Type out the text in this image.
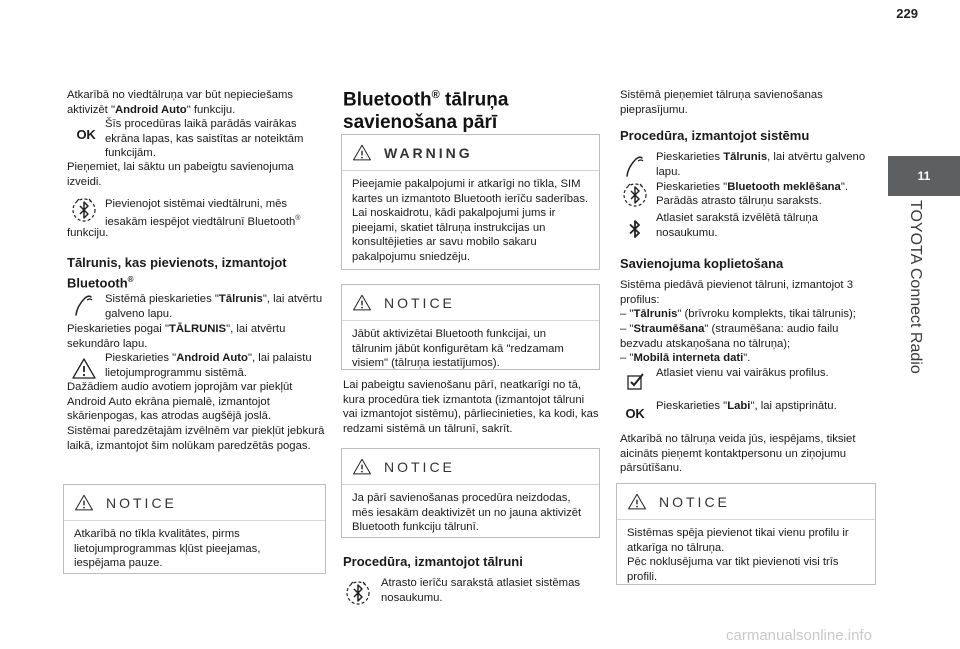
229
11
TOYOTA Connect Radio

Atkarībā no viedtālruņa var būt nepieciešams aktivizēt "Android Auto" funkciju.

OK

Šīs procedūras laikā parādās vairākas ekrāna lapas, kas saistītas ar noteiktām funkcijām.

Pieņemiet, lai sāktu un pabeigtu savienojuma izveidi.

Pievienojot sistēmai viedtālruni, mēs iesakām iespējot viedtālrunī Bluetooth®

funkciju.

Tālrunis, kas pievienots, izmantojot Bluetooth®

Sistēmā pieskarieties "Tālrunis", lai atvērtu galveno lapu.

Pieskarieties pogai "TĀLRUNIS", lai atvērtu sekundāro lapu.

Pieskarieties "Android Auto", lai palaistu lietojumprogrammu sistēmā.

Dažādiem audio avotiem joprojām var piekļūt Android Auto ekrāna piemalē, izmantojot skārienpogas, kas atrodas augšējā joslā.

Sistēmai paredzētajām izvēlnēm var piekļūt jebkurā laikā, izmantojot šim nolūkam paredzētās pogas.

NOTICE
Atkarībā no tīkla kvalitātes, pirms lietojumprogrammas kļūst pieejamas, iespējama pauze.
Bluetooth® tālruņa savienošana pārī
WARNING
Pieejamie pakalpojumi ir atkarīgi no tīkla, SIM kartes un izmantoto Bluetooth ierīču saderības. Lai noskaidrotu, kādi pakalpojumi jums ir pieejami, skatiet tālruņa instrukcijas un konsultējieties ar savu mobilo sakaru pakalpojumu sniedzēju.
NOTICE
Jābūt aktivizētai Bluetooth funkcijai, un tālrunim jābūt konfigurētam kā "redzamam visiem" (tālruņa iestatījumos).

Lai pabeigtu savienošanu pārī, neatkarīgi no tā, kura procedūra tiek izmantota (izmantojot tālruni vai izmantojot sistēmu), pārliecinieties, ka kodi, kas redzami sistēmā un tālrunī, sakrīt.

NOTICE
Ja pārī savienošanas procedūra neizdodas, mēs iesakām deaktivizēt un no jauna aktivizēt Bluetooth funkciju tālrunī.
Procedūra, izmantojot tālruni

Atrasto ierīču sarakstā atlasiet sistēmas nosaukumu.

Sistēmā pieņemiet tālruņa savienošanas pieprasījumu.

Procedūra, izmantojot sistēmu

Pieskarieties Tālrunis, lai atvērtu galveno lapu.

Pieskarieties "Bluetooth meklēšana".

Parādās atrasto tālruņu saraksts.

Atlasiet sarakstā izvēlētā tālruņa nosaukumu.

Savienojuma koplietošana

Sistēma piedāvā pievienot tālruni, izmantojot 3 profilus:

– "Tālrunis" (brīvroku komplekts, tikai tālrunis);

– "Straumēšana" (straumēšana: audio failu bezvadu atskaņošana no tālruņa);

– "Mobilā interneta dati".

Atlasiet vienu vai vairākus profilus.

OK	Pieskarieties "Labi", lai apstiprinātu.

Atkarībā no tālruņa veida jūs, iespējams, tiksiet aicināts pieņemt kontaktpersonu un ziņojumu pārsūtīšanu.

NOTICE
Sistēmas spēja pievienot tikai vienu profilu ir atkarīga no tālruņa.
Pēc noklusējuma var tikt pievienoti visi trīs profili.
carmanualsonline.info
